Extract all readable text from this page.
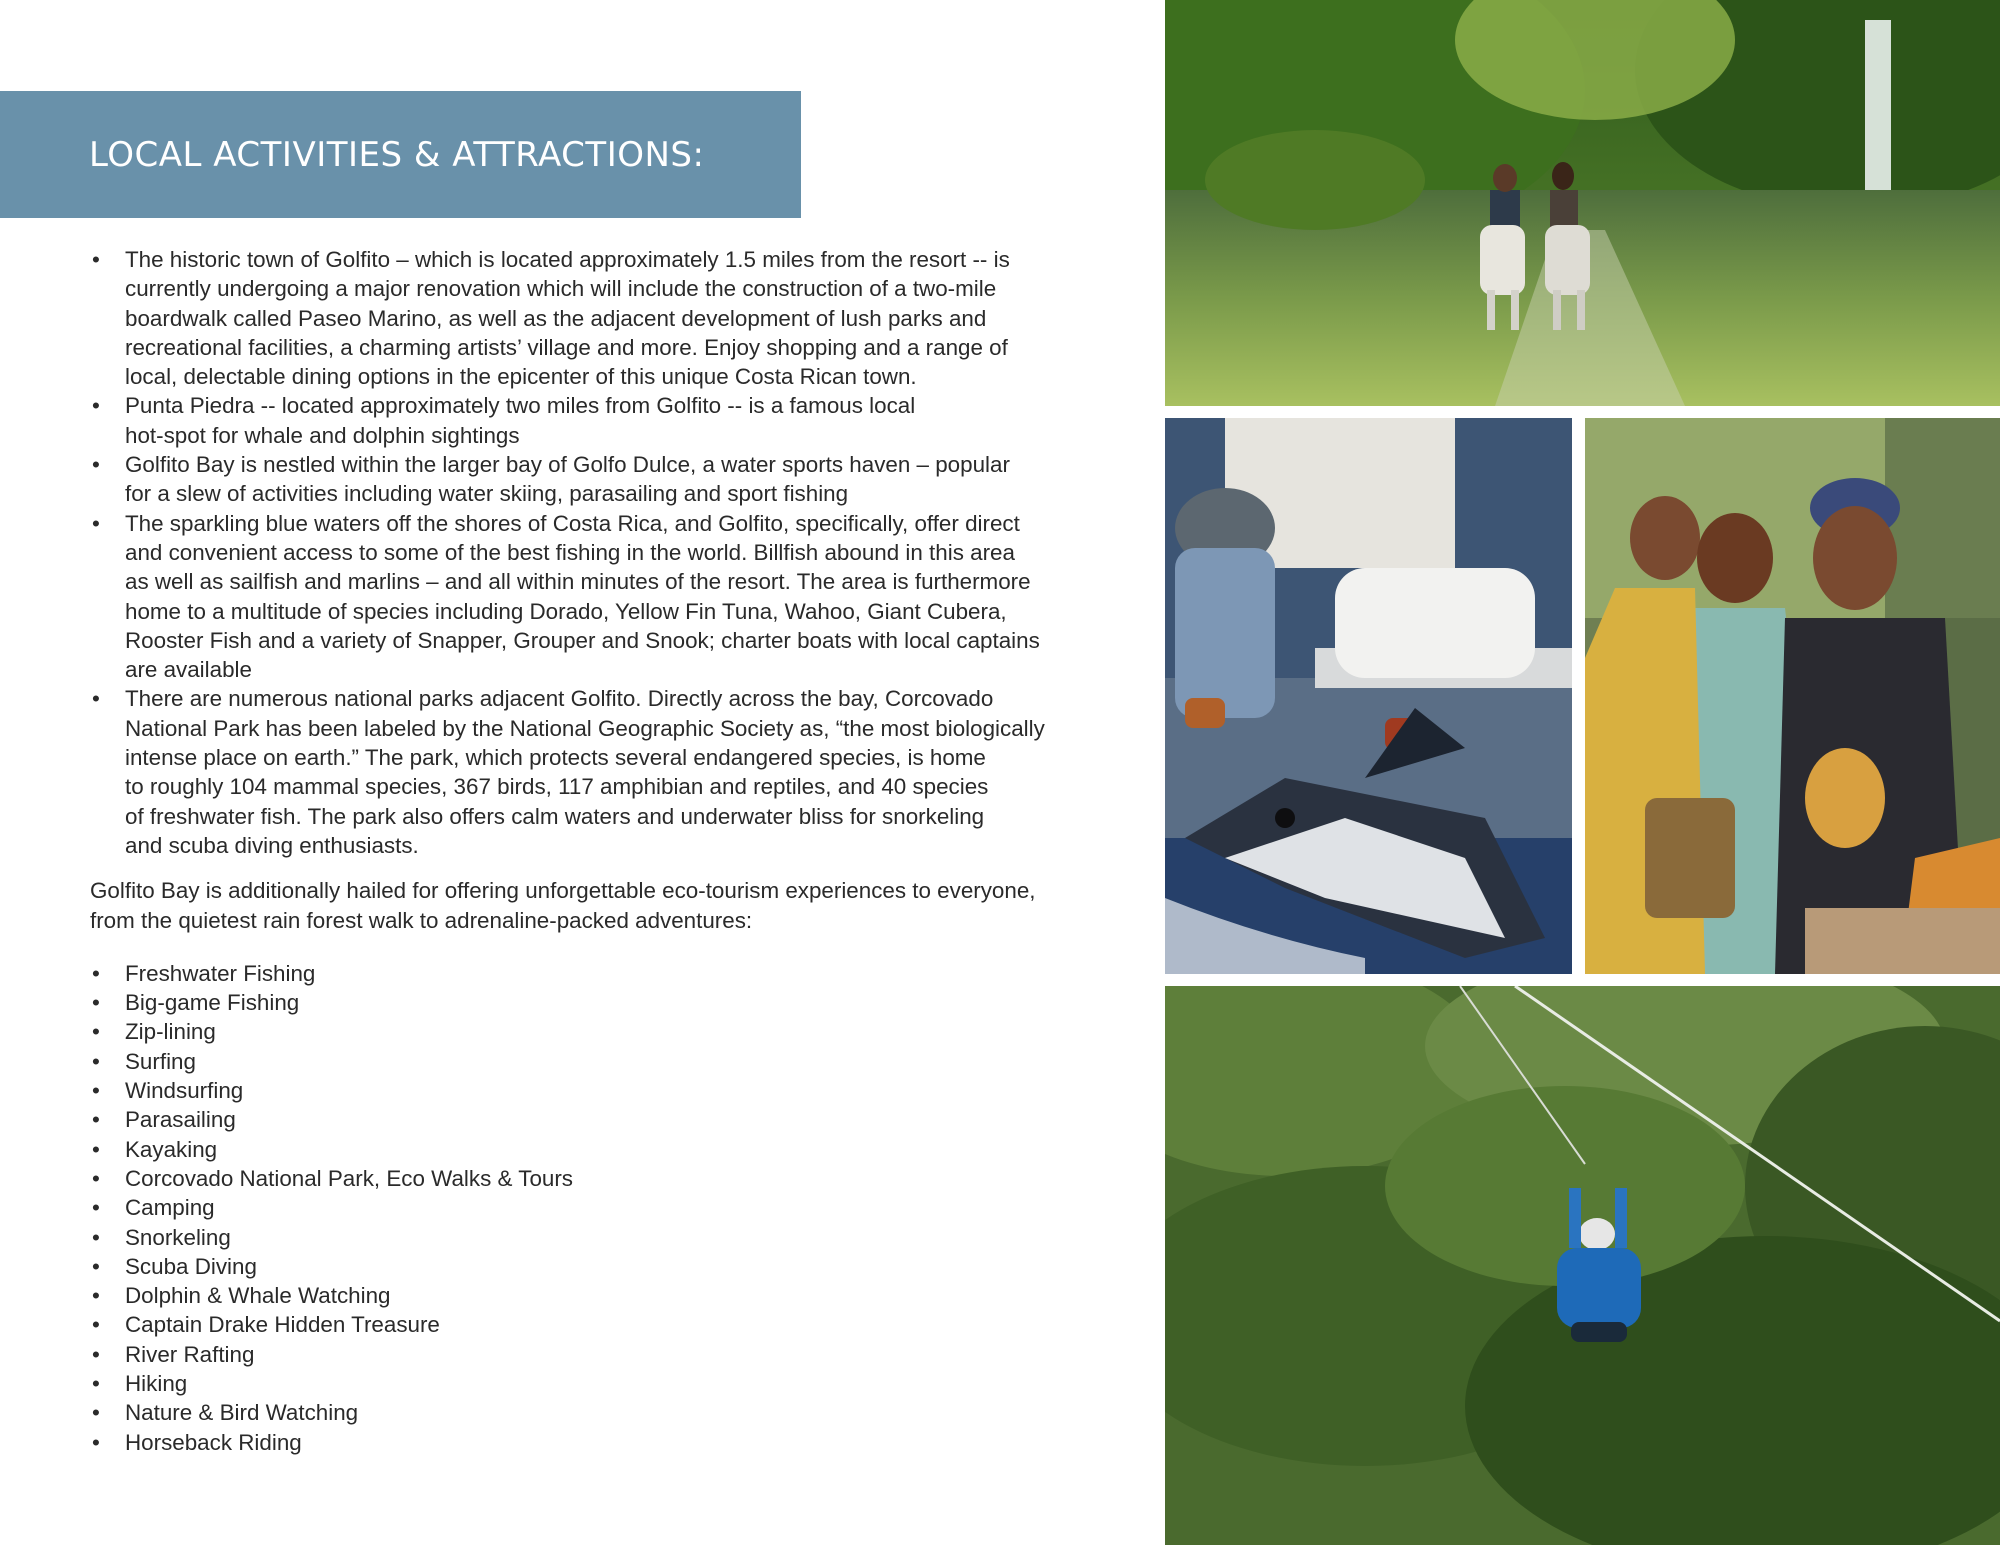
LOCAL ACTIVITIES & ATTRACTIONS:
• The historic town of Golfito – which is located approximately 1.5 miles from the resort -- is
currently undergoing a major renovation which will include the construction of a two-mile
boardwalk called Paseo Marino, as well as the adjacent development of lush parks and
recreational facilities, a charming artists’ village and more. Enjoy shopping and a range of
local, delectable dining options in the epicenter of this unique Costa Rican town.
• Punta Piedra -- located approximately two miles from Golfito -- is a famous local
hot-spot for whale and dolphin sightings
• Golfito Bay is nestled within the larger bay of Golfo Dulce, a water sports haven – popular
for a slew of activities including water skiing, parasailing and sport fishing
• The sparkling blue waters off the shores of Costa Rica, and Golfito, specifically, offer direct
and convenient access to some of the best fishing in the world. Billfish abound in this area
as well as sailfish and marlins – and all within minutes of the resort. The area is furthermore
home to a multitude of species including Dorado, Yellow Fin Tuna, Wahoo, Giant Cubera,
Rooster Fish and a variety of Snapper, Grouper and Snook; charter boats with local captains
are available
• There are numerous national parks adjacent Golfito. Directly across the bay, Corcovado
National Park has been labeled by the National Geographic Society as, “the most biologically
intense place on earth.” The park, which protects several endangered species, is home
to roughly 104 mammal species, 367 birds, 117 amphibian and reptiles, and 40 species
of freshwater fish. The park also offers calm waters and underwater bliss for snorkeling
and scuba diving enthusiasts.

Golfito Bay is additionally hailed for offering unforgettable eco-tourism experiences to everyone,
from the quietest rain forest walk to adrenaline-packed adventures:

• Freshwater Fishing
• Big-game Fishing
• Zip-lining
• Surfing
• Windsurfing
• Parasailing
• Kayaking
• Corcovado National Park, Eco Walks & Tours
• Camping
• Snorkeling
• Scuba Diving
• Dolphin & Whale Watching
• Captain Drake Hidden Treasure
• River Rafting
• Hiking
• Nature & Bird Watching
• Horseback Riding
